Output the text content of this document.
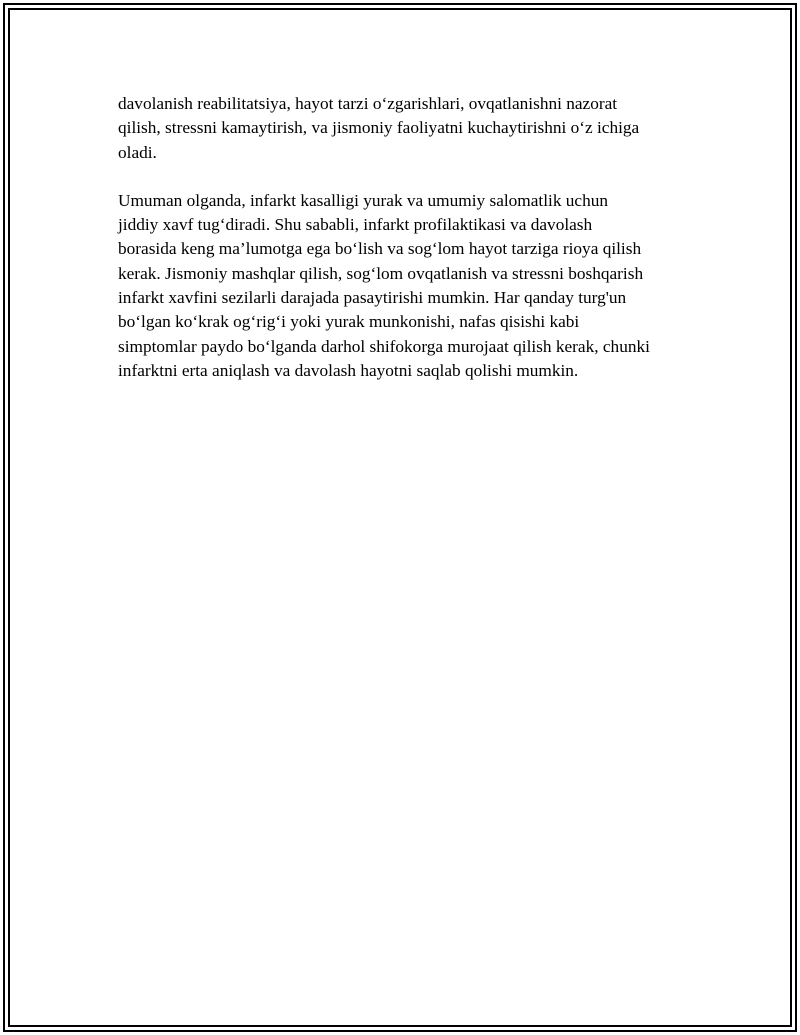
davolanish reabilitatsiya, hayot tarzi o‘zgarishlari, ovqatlanishni nazorat
qilish, stressni kamaytirish, va jismoniy faoliyatni kuchaytirishni o‘z ichiga
oladi.
Umuman olganda, infarkt kasalligi yurak va umumiy salomatlik uchun
jiddiy xavf tug‘diradi. Shu sababli, infarkt profilaktikasi va davolash
borasida keng ma’lumotga ega bo‘lish va sog‘lom hayot tarziga rioya qilish
kerak. Jismoniy mashqlar qilish, sog‘lom ovqatlanish va stressni boshqarish
infarkt xavfini sezilarli darajada pasaytirishi mumkin. Har qanday turg'un
bo‘lgan ko‘krak og‘rig‘i yoki yurak munkonishi, nafas qisishi kabi
simptomlar paydo bo‘lganda darhol shifokorga murojaat qilish kerak, chunki
infarktni erta aniqlash va davolash hayotni saqlab qolishi mumkin.
